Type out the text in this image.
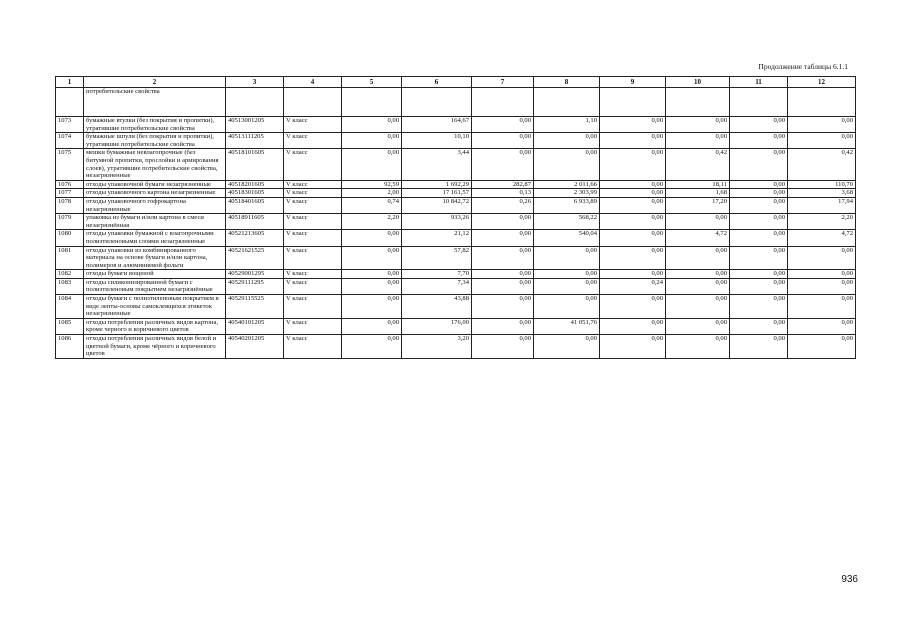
Продолжение таблицы 6.1.1
1	2	3	4	5	6	7	8	9	10	11	12
	потребительские свойства										
1073	бумажные втулки (без покрытия и пропитки), утратившие потребительские свойства	40513001205	V класс	0,00	164,67	0,00	1,10	0,00	0,00	0,00	0,00
1074	бумажные шпули (без покрытия и пропитки), утратившие потребительские свойства	40513111205	V класс	0,00	10,10	0,00	0,00	0,00	0,00	0,00	0,00
1075	мешки бумажные невлагопрочные (без битумной пропитки, прослойки и армирования слоев), утратившие потребительские свойства, незагрязненные	40518101605	V класс	0,00	3,44	0,00	0,00	0,00	0,42	0,00	0,42
1076	отходы упаковочной бумаги незагрязненные	40518201605	V класс	92,59	1 692,29	282,87	2 011,66	0,00	18,11	0,00	110,70
1077	отходы упаковочного картона незагрязненные	40518301605	V класс	2,00	17 161,57	0,13	2 303,99	0,00	1,68	0,00	3,68
1078	отходы упаковочного гофрокартона незагрязненные	40518401605	V класс	0,74	10 842,72	0,26	6 933,89	0,00	17,20	0,00	17,94
1079	упаковка из бумаги и/или картона в смеси незагрязнённая	40518911605	V класс	2,20	933,26	0,00	568,22	0,00	0,00	0,00	2,20
1080	отходы упаковки бумажной с влагопрочными полиэтиленовыми слоями незагрязненные	40521213605	V класс	0,00	21,12	0,00	540,04	0,00	4,72	0,00	4,72
1081	отходы упаковки из комбинированного материала на основе бумаги и/или картона, полимеров и алюминиевой фольги	40521621525	V класс	0,00	57,82	0,00	0,00	0,00	0,00	0,00	0,00
1082	отходы бумаги вощеной	40529001295	V класс	0,00	7,70	0,00	0,00	0,00	0,00	0,00	0,00
1083	отходы силиконизированной бумаги с полиэтиленовым покрытием незагрязнённые	40529111295	V класс	0,00	7,34	0,00	0,00	0,24	0,00	0,00	0,00
1084	отходы бумаги с полиэтиленовым покрытием в виде ленты-основы самоклеящихся этикеток незагрязненные	40529115525	V класс	0,00	43,88	0,00	0,00	0,00	0,00	0,00	0,00
1085	отходы потребления различных видов картона, кроме черного и коричневого цветов	40540101205	V класс	0,00	176,00	0,00	41 051,76	0,00	0,00	0,00	0,00
1086	отходы потребления различных видов белой и цветной бумаги, кроме чёрного и коричневого цветов	40540201205	V класс	0,00	3,20	0,00	0,00	0,00	0,00	0,00	0,00
936
